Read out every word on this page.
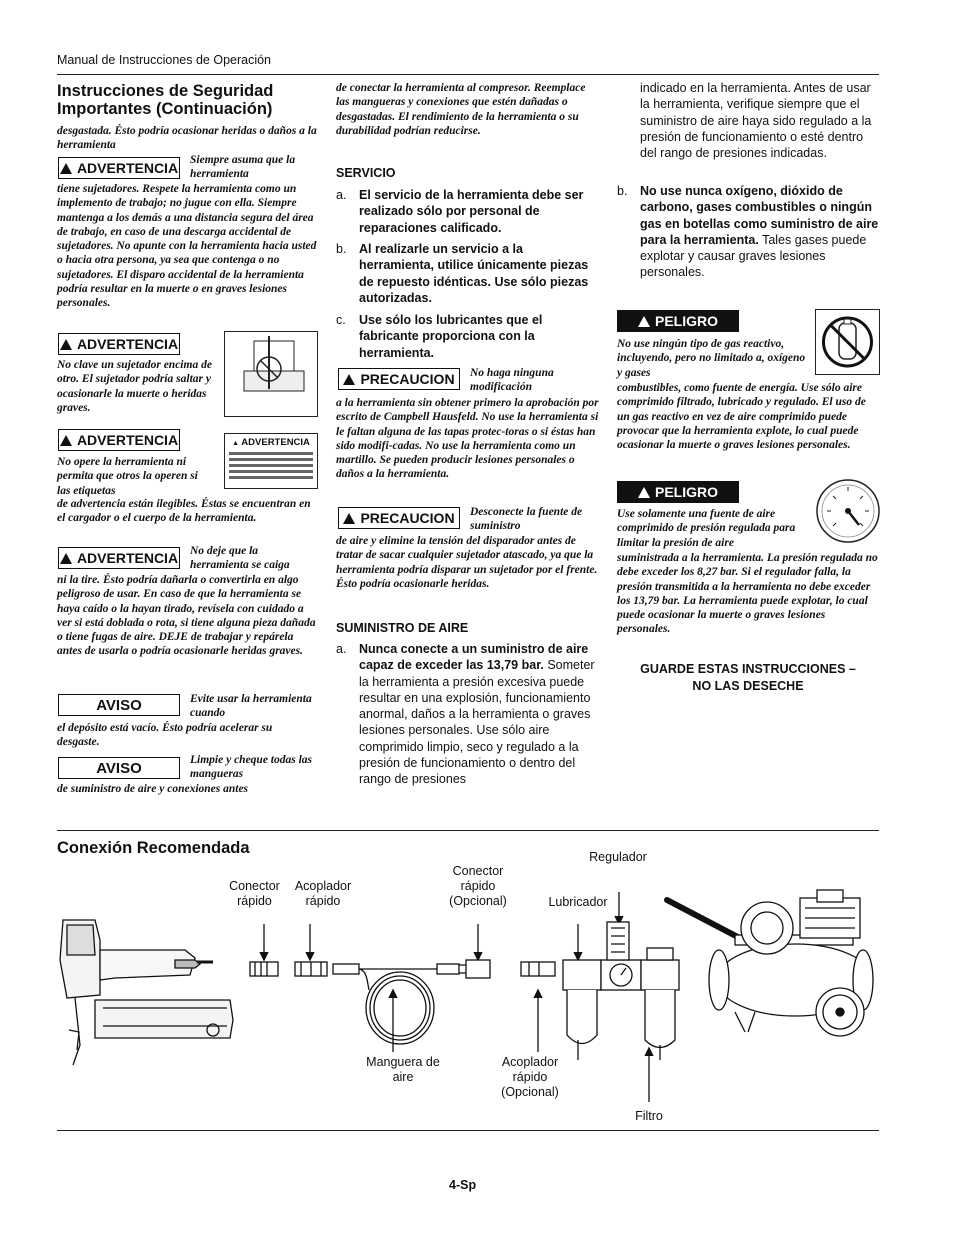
Manual de Instrucciones de Operación
Instrucciones de Seguridad Importantes (Continuación)
desgastada. Ésto podría ocasionar heridas o daños a la herramienta
ADVERTENCIA Siempre asuma que la herramienta
tiene sujetadores. Respete la herramienta como un implemento de trabajo; no jugue con ella. Siempre mantenga a los demás a una distancia segura del área de trabajo, en caso de una descarga accidental de sujetadores. No apunte con la herramienta hacia usted o hacia otra persona, ya sea que contenga o no sujetadores. El disparo accidental de la herramienta podría resultar en la muerte o en graves lesiones personales.
ADVERTENCIA
No clave un sujetador encima de otro. El sujetador podría saltar y ocasionarle la muerte o heridas graves.
ADVERTENCIA
No opere la herramienta ni permita que otros la operen si las etiquetas
de advertencia están ilegibles. Éstas se encuentran en el cargador o el cuerpo de la herramienta.
▲ ADVERTENCIA
ADVERTENCIA No deje que la herramienta se caiga
ni la tire. Ésto podría dañarla o convertirla en algo peligroso de usar. En caso de que la herramienta se haya caído o la hayan tirado, revísela con cuidado a ver si está doblada o rota, si tiene alguna pieza dañada o tiene fugas de aire. DEJE de trabajar y repárela antes de usarla o podría ocasionarle heridas graves.
AVISO	Evite usar la herramienta cuando
el depósito está vacío. Ésto podría acelerar su desgaste.
AVISO	Limpie y cheque todas las mangueras
de suministro de aire y conexiones antes
de conectar la herramienta al compresor. Reemplace las mangueras y conexiones que estén dañadas o desgastadas. El rendimiento de la herramienta o su durabilidad podrían reducirse.
SERVICIO
a. El servicio de la herramienta debe ser realizado sólo por personal de reparaciones calificado.
b. Al realizarle un servicio a la herramienta, utilice únicamente piezas de repuesto idénticas. Use sólo piezas autorizadas.
c. Use sólo los lubricantes que el fabricante proporciona con la herramienta.
PRECAUCION No haga ninguna modificación
a la herramienta sin obtener primero la aprobación por escrito de Campbell Hausfeld. No use la herramienta si le faltan alguna de las tapas protec-toras o si éstas han sido modifi-cadas. No use la herramienta como un martillo. Se pueden producir lesiones personales o daños a la herramienta.
PRECAUCION Desconecte la fuente de suministro
de aire y elimine la tensión del disparador antes de tratar de sacar cualquier sujetador atascado, ya que la herramienta podría disparar un sujetador por el frente. Ésto podría ocasionarle heridas.
SUMINISTRO DE AIRE
a. Nunca conecte a un suministro de aire capaz de exceder las 13,79 bar. Someter la herramienta a presión excesiva puede resultar en una explosión, funcionamiento anormal, daños a la herramienta o graves lesiones personales. Use sólo aire comprimido limpio, seco y regulado a la presión de funcionamiento o dentro del rango de presiones
indicado en la herramienta. Antes de usar la herramienta, verifique siempre que el suministro de aire haya sido regulado a la presión de funcionamiento o esté dentro del rango de presiones indicadas.
b. No use nunca oxígeno, dióxido de carbono, gases combustibles o ningún gas en botellas como suministro de aire para la herramienta. Tales gases puede explotar y causar graves lesiones personales.
PELIGRO
No use ningún tipo de gas reactivo, incluyendo, pero no limitado a, oxígeno y gases
combustibles, como fuente de energía. Use sólo aire comprimido filtrado, lubricado y regulado. El uso de un gas reactivo en vez de aire comprimido puede provocar que la herramienta explote, lo cual puede ocasionar la muerte o graves lesiones personales.
PELIGRO
Use solamente una fuente de aire comprimido de presión regulada para limitar la presión de aire
suministrada a la herramienta. La presión regulada no debe exceder los 8,27 bar. Si el regulador falla, la presión transmitida a la herramienta no debe exceder los 13,79 bar. La herramienta puede explotar, lo cual puede ocasionar la muerte o graves lesiones personales.
GUARDE ESTAS INSTRUCCIONES –
NO LAS DESECHE
Conexión Recomendada
Conector rápido
Acoplador rápido
Conector rápido (Opcional)
Regulador
Lubricador
Manguera de aire
Acoplador rápido (Opcional)
Filtro
4-Sp
